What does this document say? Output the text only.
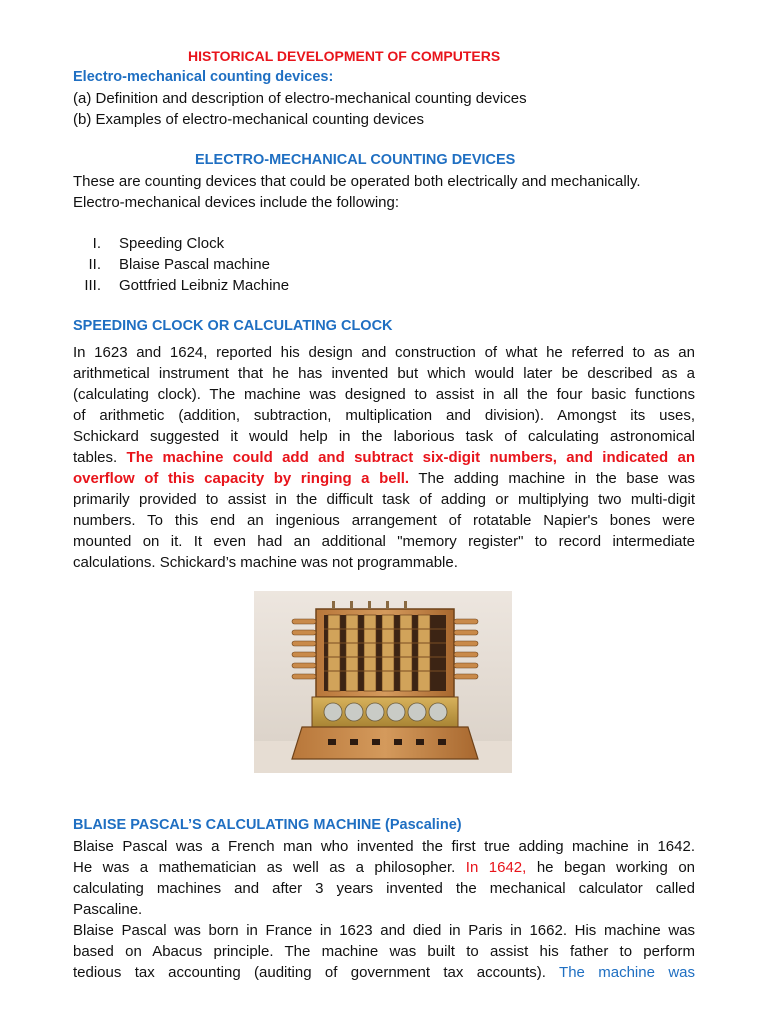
HISTORICAL DEVELOPMENT OF COMPUTERS
Electro-mechanical counting devices:
(a) Definition and description of electro-mechanical counting devices
(b) Examples of electro-mechanical counting devices
ELECTRO-MECHANICAL COUNTING DEVICES
These are counting devices that could be operated both electrically and mechanically.
Electro-mechanical devices include the following:
I. Speeding Clock
II. Blaise Pascal machine
III. Gottfried Leibniz Machine
SPEEDING CLOCK OR CALCULATING CLOCK
In 1623 and 1624, reported his design and construction of what he referred to as an
arithmetical instrument that he has invented but which would later be described as a
(calculating clock). The machine was designed to assist in all the four basic functions
of arithmetic (addition, subtraction, multiplication and division). Amongst its uses,
Schickard suggested it would help in the laborious task of calculating astronomical
tables. The machine could add and subtract six-digit numbers, and indicated an
overflow of this capacity by ringing a bell. The adding machine in the base was
primarily provided to assist in the difficult task of adding or multiplying two multi-digit
numbers. To this end an ingenious arrangement of rotatable Napier's bones were
mounted on it. It even had an additional "memory register" to record intermediate
calculations. Schickard’s machine was not programmable.
BLAISE PASCAL’S CALCULATING MACHINE (Pascaline)
Blaise Pascal was a French man who invented the first true adding machine in 1642.
He was a mathematician as well as a philosopher. In 1642, he began working on
calculating machines and after 3 years invented the mechanical calculator called
Pascaline.
Blaise Pascal was born in France in 1623 and died in Paris in 1662. His machine was
based on Abacus principle. The machine was built to assist his father to perform
tedious tax accounting (auditing of government tax accounts). The machine was
